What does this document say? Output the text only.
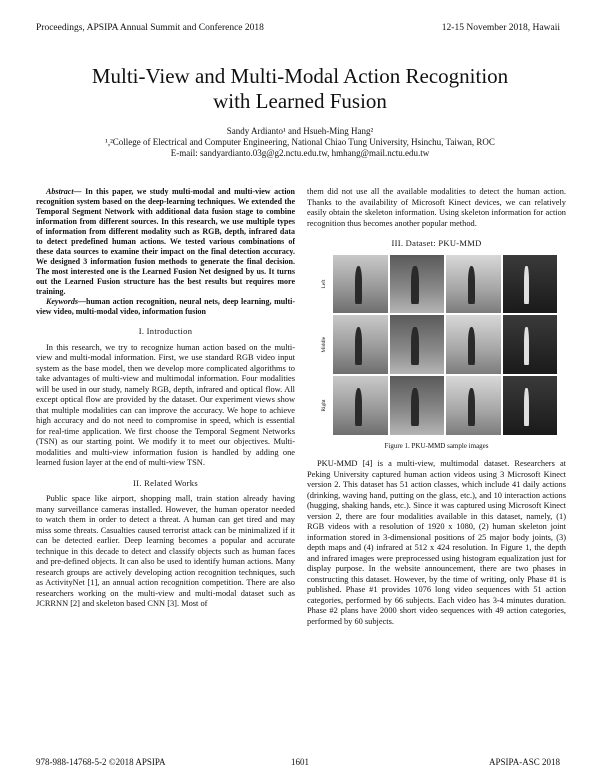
Proceedings, APSIPA Annual Summit and Conference 2018	12-15 November 2018, Hawaii
Multi-View and Multi-Modal Action Recognition
with Learned Fusion
Sandy Ardianto¹ and Hsueh-Ming Hang²
¹,²College of Electrical and Computer Engineering, National Chiao Tung University, Hsinchu, Taiwan, ROC
E-mail: sandyardianto.03g@g2.nctu.edu.tw, hmhang@mail.nctu.edu.tw

Abstract— In this paper, we study multi-modal and multi-view action recognition system based on the deep-learning techniques. We extended the Temporal Segment Network with additional data fusion stage to combine information from different sources. In this research, we use multiple types of information from different modality such as RGB, depth, infrared data to detect predefined human actions. We tested various combinations of these data sources to examine their impact on the final detection accuracy. We designed 3 information fusion methods to generate the final decision. The most interested one is the Learned Fusion Net designed by us. It turns out the Learned Fusion structure has the best results but requires more training.

Keywords—human action recognition, neural nets, deep learning, multi-view video, multi-modal video, information fusion

I. Introduction

In this research, we try to recognize human action based on the multi-view and multi-modal information. First, we use standard RGB video input system as the base model, then we develop more complicated algorithms to take advantages of multi-view and multimodal information. Four modalities will be used in our study, namely RGB, depth, infrared and optical flow. All except optical flow are provided by the dataset. Our experiment views show that multiple modalities can can improve the accuracy. We hope to achieve high accuracy and do not need to compromise in speed, which is essential for real-time application. We first choose the Temporal Segment Networks (TSN) as our starting point. We modify it to meet our objectives. Multi-modalities and multi-view information fusion is handled by adding one learned fusion layer at the end of multi-view TSN.

II. Related Works

Public space like airport, shopping mall, train station already having many surveillance cameras installed. However, the human operator needed to watch them in order to detect a threat. A human can get tired and may miss some threats. Casualties caused terrorist attack can be minimalized if it can be detected earlier. Deep learning becomes a popular and accurate technique in this decade to detect and classify objects such as human faces and pre-defined objects. It can also be used to identify human actions. Many research groups are actively developing action recognition techniques, such as ActivityNet [1], an annual action recognition competition. There are also researchers working on the multi-view and multi-modal dataset such as JCRRNN [2] and skeleton based CNN [3]. Most of

them did not use all the available modalities to detect the human action. Thanks to the availability of Microsoft Kinect devices, we can relatively easily obtain the skeleton information. Using skeleton information for action recognition thus becomes another popular method.

III. Dataset: PKU-MMD
Left
Middle
Right
Figure 1. PKU-MMD sample images

PKU-MMD [4] is a multi-view, multimodal dataset. Researchers at Peking University captured human action videos using 3 Microsoft Kinect version 2. This dataset has 51 action classes, which include 41 daily actions (drinking, waving hand, putting on the glass, etc.), and 10 interaction actions (hugging, shaking hands, etc.). Since it was captured using Microsoft Kinect version 2, there are four modalities available in this dataset, namely, (1) RGB videos with a resolution of 1920 x 1080, (2) human skeleton joint information stored in 3-dimensional positions of 25 major body joints, (3) depth maps and (4) infrared at 512 x 424 resolution. In Figure 1, the depth and infrared images were preprocessed using histogram equalization just for display purpose. In the website announcement, there are two phases in constructing this dataset. However, by the time of writing, only Phase #1 is published. Phase #1 provides 1076 long video sequences with 51 action categories, performed by 66 subjects. Each video has 3-4 minutes duration. Phase #2 plans have 2000 short video sequences with 49 action categories, performed by 60 subjects.

978-988-14768-5-2 ©2018 APSIPA	1601	APSIPA-ASC 2018
